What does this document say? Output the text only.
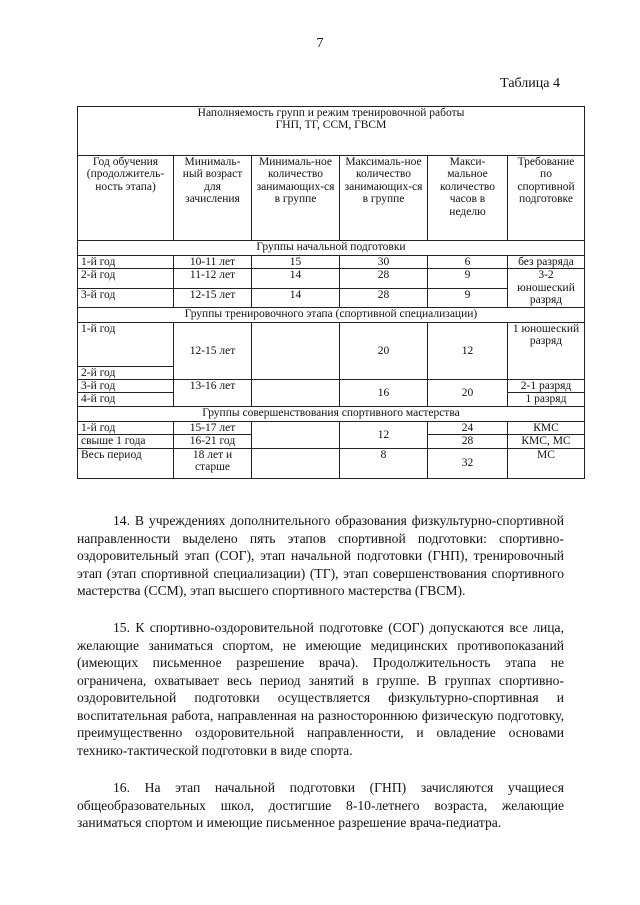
7
Таблица 4
Наполняемость групп и режим тренировочной работы
ГНП, ТГ, ССМ, ГВСМ					
Год обучения (продолжитель-ность этапа)	Минималь-ный возраст для зачисления	Минималь-ное количество занимающих-ся в группе	Максималь-ное количество занимающих-ся в группе	Макси-мальное количество часов в неделю	Требование по спортивной подготовке
Группы начальной подготовки					
1-й год	10-11 лет	15	30	6	без разряда
2-й год	11-12 лет	14	28	9	3-2 юношеский разряд
3-й год	12-15 лет	14	28	9	
Группы тренировочного этапа (спортивной специализации)					
1-й год	12-15 лет		20	12	1 юношеский разряд
2-й год					
3-й год	13-16 лет		16	20	2-1 разряд
4-й год					1 разряд
Группы совершенствования спортивного мастерства					
1-й год	15-17 лет		12	24	КМС
свыше 1 года	16-21 год			28	КМС, МС
Весь период	18 лет и старше		8	32	МС

14. В учреждениях дополнительного образования физкультурно-спортивной направленности выделено пять этапов спортивной подготовки: спортивно-оздоровительный этап (СОГ), этап начальной подготовки (ГНП), тренировочный этап (этап спортивной специализации) (ТГ), этап совершенствования спортивного мастерства (ССМ), этап высшего спортивного мастерства (ГВСМ).

15. К спортивно-оздоровительной подготовке (СОГ) допускаются все лица, желающие заниматься спортом, не имеющие медицинских противопоказаний (имеющих письменное разрешение врача). Продолжительность этапа не ограничена, охватывает весь период занятий в группе. В группах спортивно-оздоровительной подготовки осуществляется физкультурно-спортивная и воспитательная работа, направленная на разностороннюю физическую подготовку, преимущественно оздоровительной направленности, и овладение основами технико-тактической подготовки в виде спорта.

16. На этап начальной подготовки (ГНП) зачисляются учащиеся общеобразовательных школ, достигшие 8-10-летнего возраста, желающие заниматься спортом и имеющие письменное разрешение врача-педиатра.
